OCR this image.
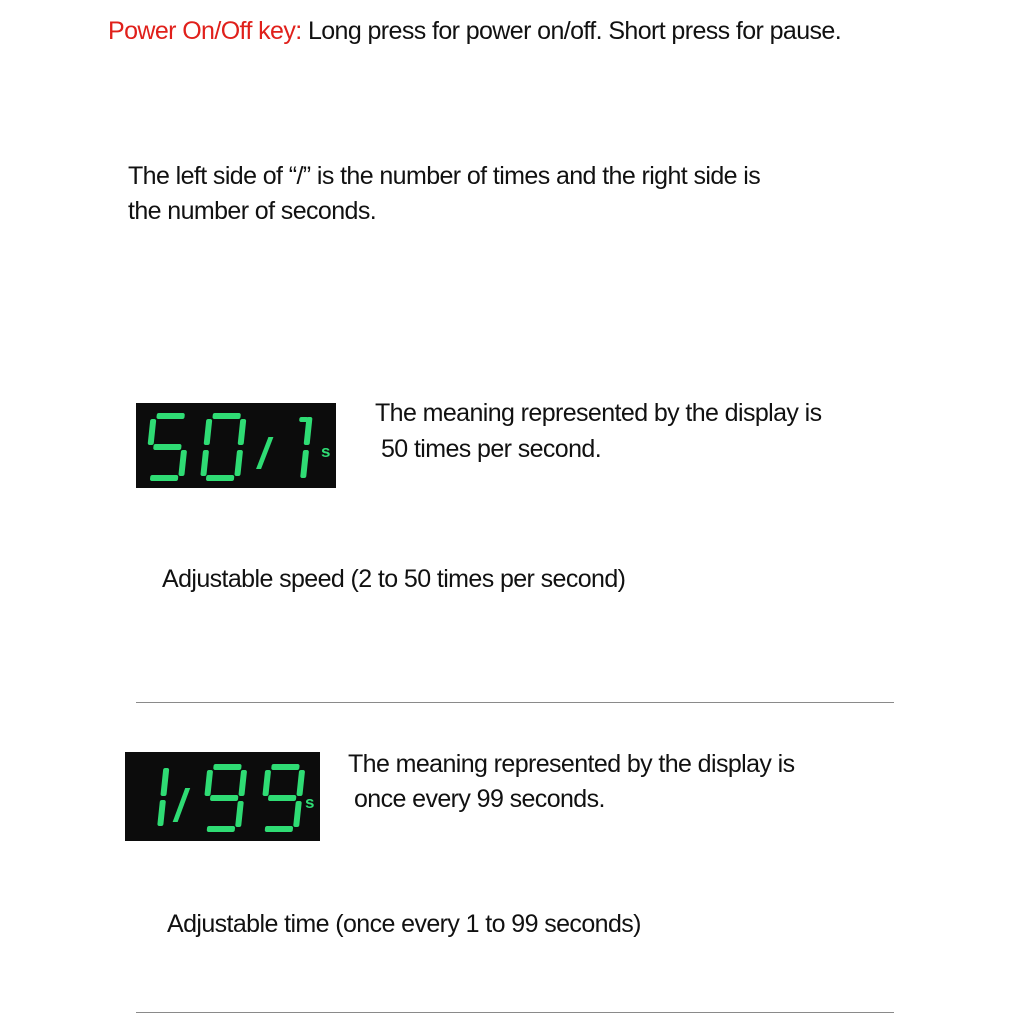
Power On/Off key: Long press for power on/off. Short press for pause.

The left side of “/” is the number of times and the right side is

the number of seconds.

s

The meaning represented by the display is

50 times per second.

Adjustable speed (2 to 50 times per second)

s

The meaning represented by the display is

once every 99 seconds.

Adjustable time (once every 1 to 99 seconds)
